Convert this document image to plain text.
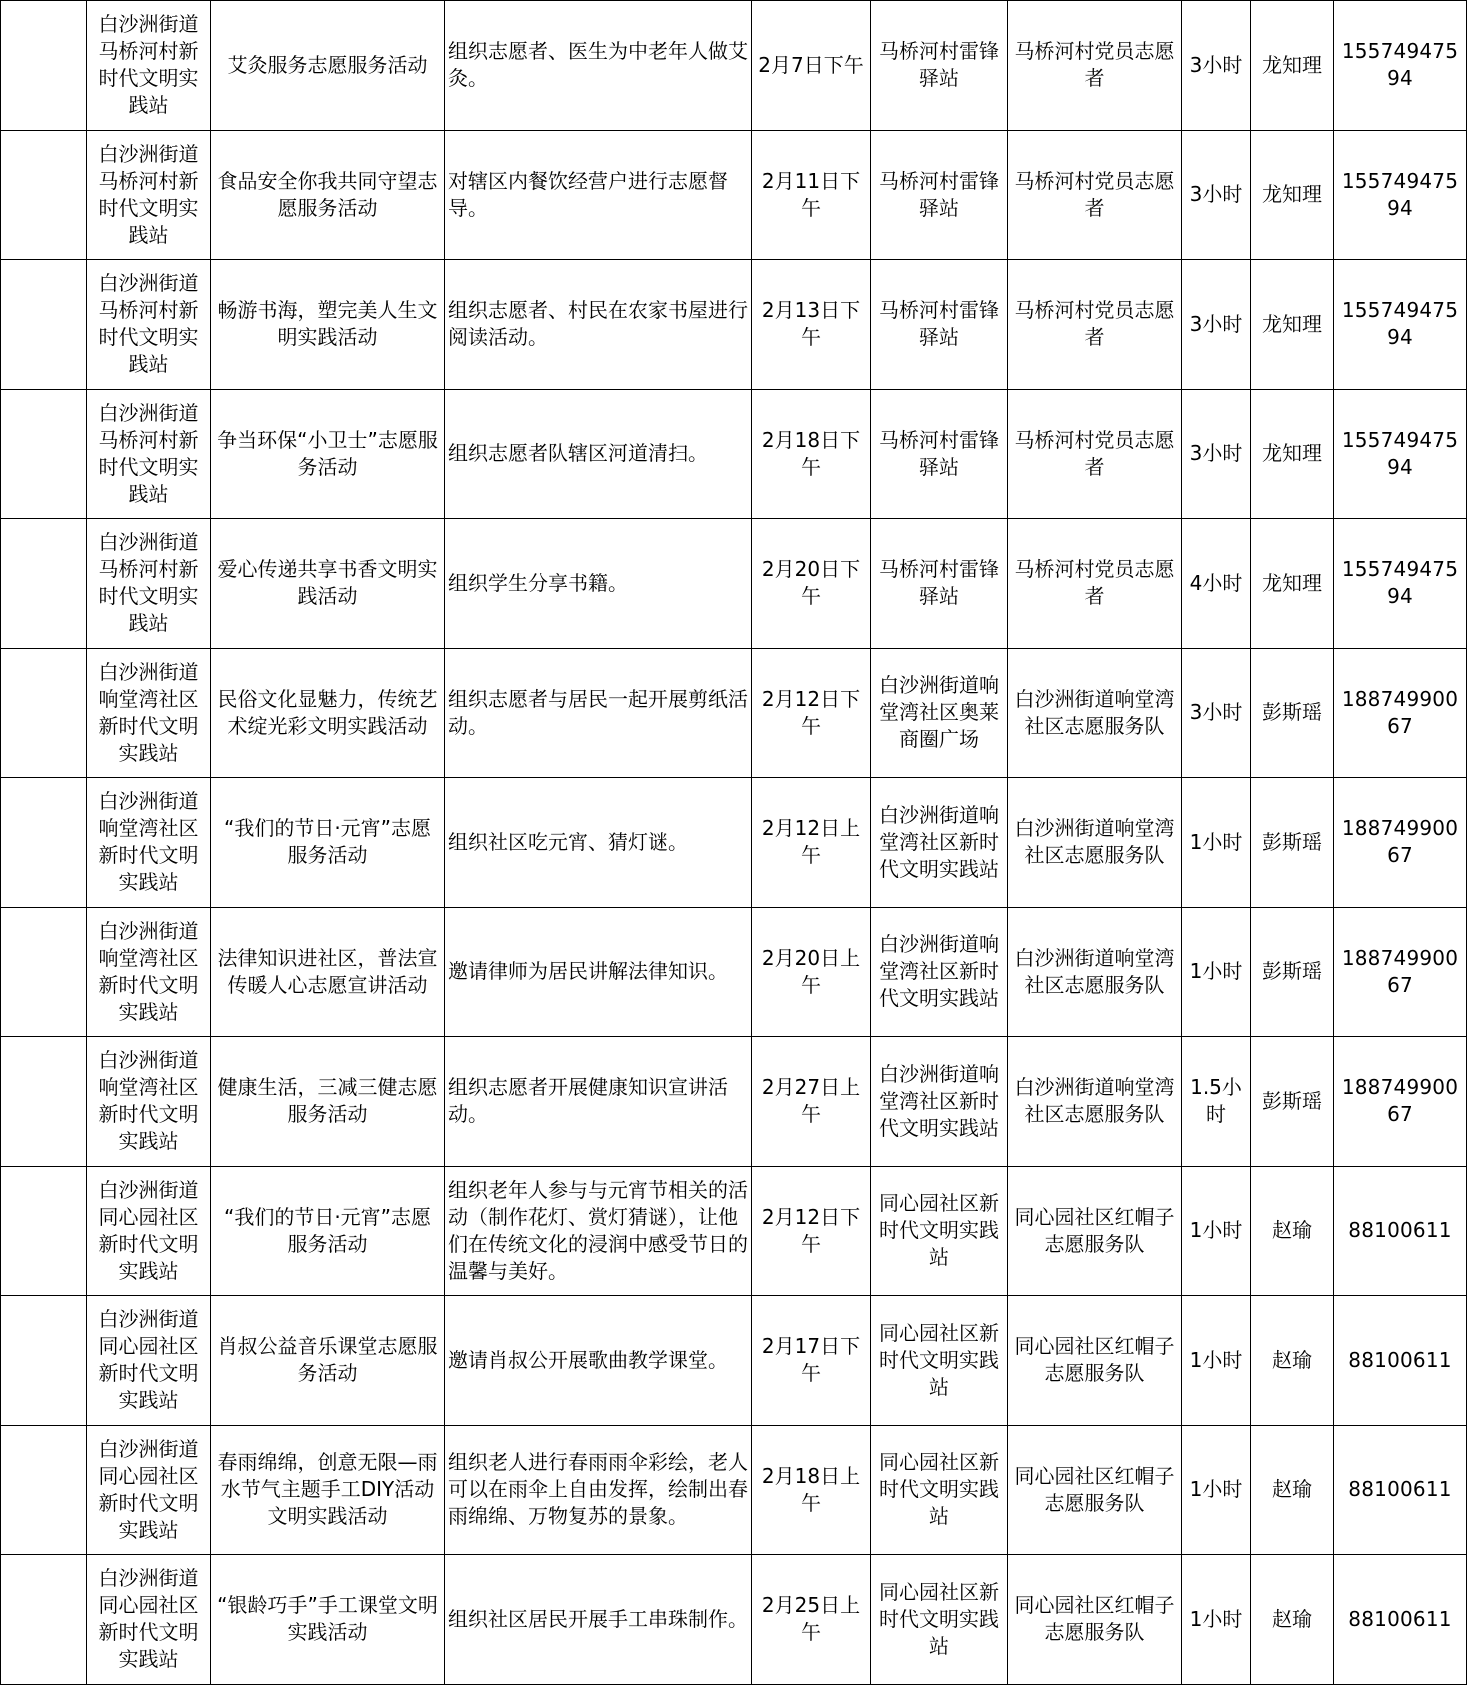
	白沙洲街道马桥河村新时代文明实践站	艾灸服务志愿服务活动	组织志愿者、医生为中老年人做艾灸。	2月7日下午	马桥河村雷锋驿站	马桥河村党员志愿者	3小时	龙知理	15574947594
	白沙洲街道马桥河村新时代文明实践站	食品安全你我共同守望志愿服务活动	对辖区内餐饮经营户进行志愿督导。	2月11日下午	马桥河村雷锋驿站	马桥河村党员志愿者	3小时	龙知理	15574947594
	白沙洲街道马桥河村新时代文明实践站	畅游书海，塑完美人生文明实践活动	组织志愿者、村民在农家书屋进行阅读活动。	2月13日下午	马桥河村雷锋驿站	马桥河村党员志愿者	3小时	龙知理	15574947594
	白沙洲街道马桥河村新时代文明实践站	争当环保“小卫士”志愿服务活动	组织志愿者队辖区河道清扫。	2月18日下午	马桥河村雷锋驿站	马桥河村党员志愿者	3小时	龙知理	15574947594
	白沙洲街道马桥河村新时代文明实践站	爱心传递共享书香文明实践活动	组织学生分享书籍。	2月20日下午	马桥河村雷锋驿站	马桥河村党员志愿者	4小时	龙知理	15574947594
	白沙洲街道响堂湾社区新时代文明实践站	民俗文化显魅力，传统艺术绽光彩文明实践活动	组织志愿者与居民一起开展剪纸活动。	2月12日下午	白沙洲街道响堂湾社区奥莱商圈广场	白沙洲街道响堂湾社区志愿服务队	3小时	彭斯瑶	18874990067
	白沙洲街道响堂湾社区新时代文明实践站	“我们的节日·元宵”志愿服务活动	组织社区吃元宵、猜灯谜。	2月12日上午	白沙洲街道响堂湾社区新时代文明实践站	白沙洲街道响堂湾社区志愿服务队	1小时	彭斯瑶	18874990067
	白沙洲街道响堂湾社区新时代文明实践站	法律知识进社区，普法宣传暖人心志愿宣讲活动	邀请律师为居民讲解法律知识。	2月20日上午	白沙洲街道响堂湾社区新时代文明实践站	白沙洲街道响堂湾社区志愿服务队	1小时	彭斯瑶	18874990067
	白沙洲街道响堂湾社区新时代文明实践站	健康生活，三减三健志愿服务活动	组织志愿者开展健康知识宣讲活动。	2月27日上午	白沙洲街道响堂湾社区新时代文明实践站	白沙洲街道响堂湾社区志愿服务队	1.5小时	彭斯瑶	18874990067
	白沙洲街道同心园社区新时代文明实践站	“我们的节日·元宵”志愿服务活动	组织老年人参与与元宵节相关的活动（制作花灯、赏灯猜谜），让他们在传统文化的浸润中感受节日的温馨与美好。	2月12日下午	同心园社区新时代文明实践站	同心园社区红帽子志愿服务队	1小时	赵瑜	88100611
	白沙洲街道同心园社区新时代文明实践站	肖叔公益音乐课堂志愿服务活动	邀请肖叔公开展歌曲教学课堂。	2月17日下午	同心园社区新时代文明实践站	同心园社区红帽子志愿服务队	1小时	赵瑜	88100611
	白沙洲街道同心园社区新时代文明实践站	春雨绵绵，创意无限—雨水节气主题手工DIY活动文明实践活动	组织老人进行春雨雨伞彩绘，老人可以在雨伞上自由发挥，绘制出春雨绵绵、万物复苏的景象。	2月18日上午	同心园社区新时代文明实践站	同心园社区红帽子志愿服务队	1小时	赵瑜	88100611
	白沙洲街道同心园社区新时代文明实践站	“银龄巧手”手工课堂文明实践活动	组织社区居民开展手工串珠制作。	2月25日上午	同心园社区新时代文明实践站	同心园社区红帽子志愿服务队	1小时	赵瑜	88100611
